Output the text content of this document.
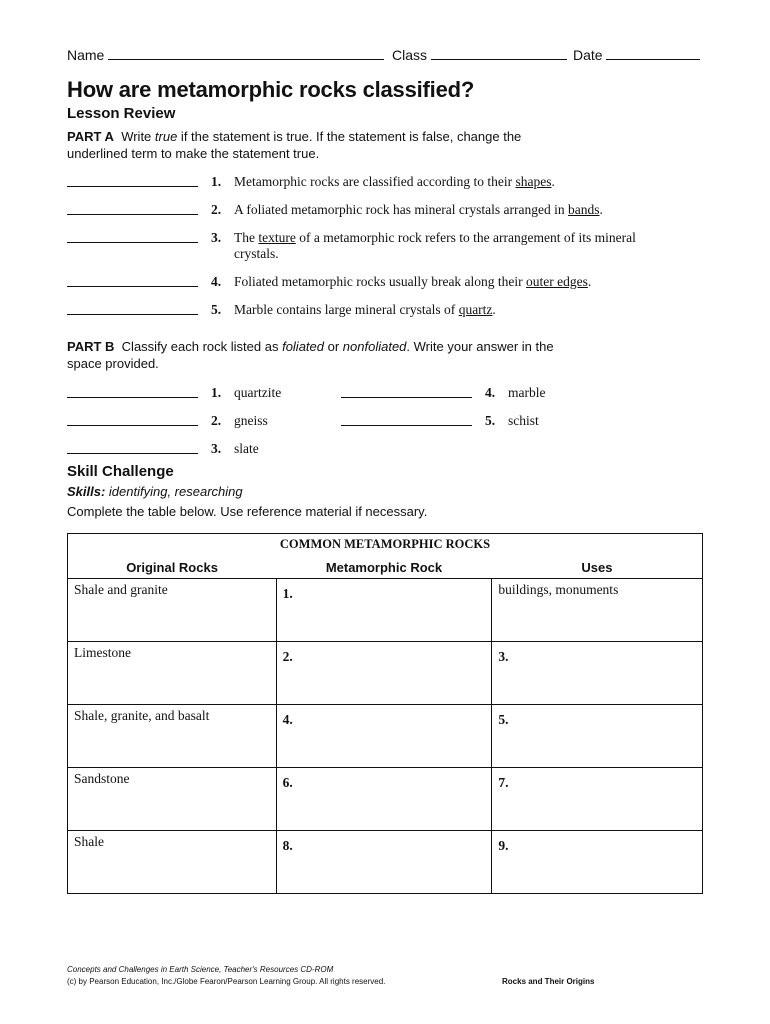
Name	Class	Date
How are metamorphic rocks classified?
Lesson Review
PART A Write true if the statement is true. If the statement is false, change the underlined term to make the statement true.
1. Metamorphic rocks are classified according to their shapes.
2. A foliated metamorphic rock has mineral crystals arranged in bands.
3. The texture of a metamorphic rock refers to the arrangement of its mineral crystals.
4. Foliated metamorphic rocks usually break along their outer edges.
5. Marble contains large mineral crystals of quartz.
PART B Classify each rock listed as foliated or nonfoliated. Write your answer in the space provided.
1. quartzite
2. gneiss
3. slate
4. marble
5. schist
Skill Challenge
Skills: identifying, researching
Complete the table below. Use reference material if necessary.
COMMON METAMORPHIC ROCKS		
Original Rocks	Metamorphic Rock	Uses

Shale and granite	1.	buildings, monuments

Limestone	2.	3.

Shale, granite, and basalt	4.	5.

Sandstone	6.	7.

Shale	8.	9.
Concepts and Challenges in Earth Science, Teacher's Resources CD-ROM
(c) by Pearson Education, Inc./Globe Fearon/Pearson Learning Group. All rights reserved.	Rocks and Their Origins
